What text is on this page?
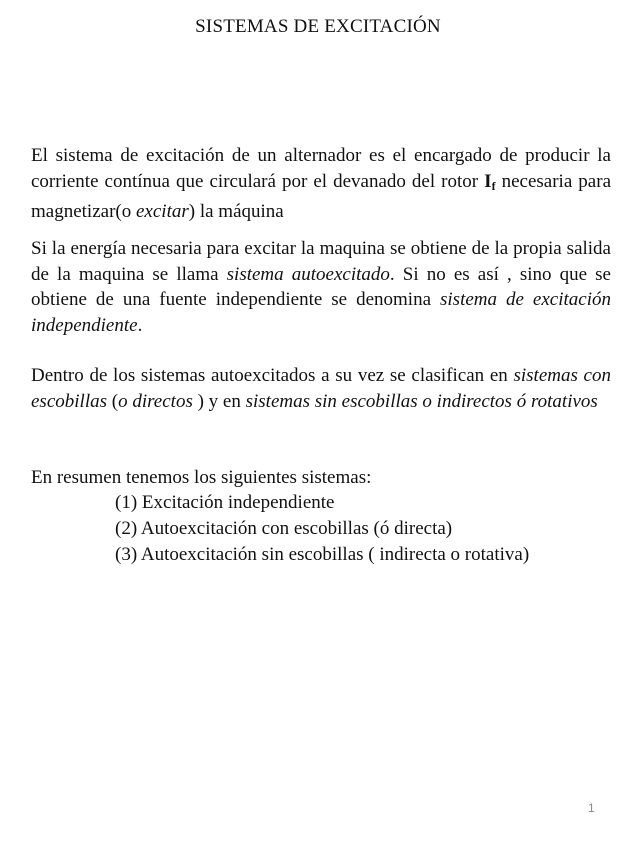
SISTEMAS DE EXCITACIÓN

El sistema de excitación de un alternador es el encargado de producir la corriente contínua que circulará por el devanado del rotor $I_f$ necesaria para magnetizar(o excitar) la máquina

Si la energía necesaria para excitar la maquina se obtiene de la propia salida de la maquina se llama sistema autoexcitado. Si no es así , sino que se obtiene de una fuente independiente se denomina sistema de excitación independiente.

Dentro de los sistemas autoexcitados a su vez se clasifican en sistemas con escobillas (o directos ) y en sistemas sin escobillas o indirectos ó rotativos

En resumen tenemos los siguientes sistemas:
(1) Excitación independiente
(2) Autoexcitación con escobillas (ó directa)
(3) Autoexcitación sin escobillas ( indirecta o rotativa)
1
